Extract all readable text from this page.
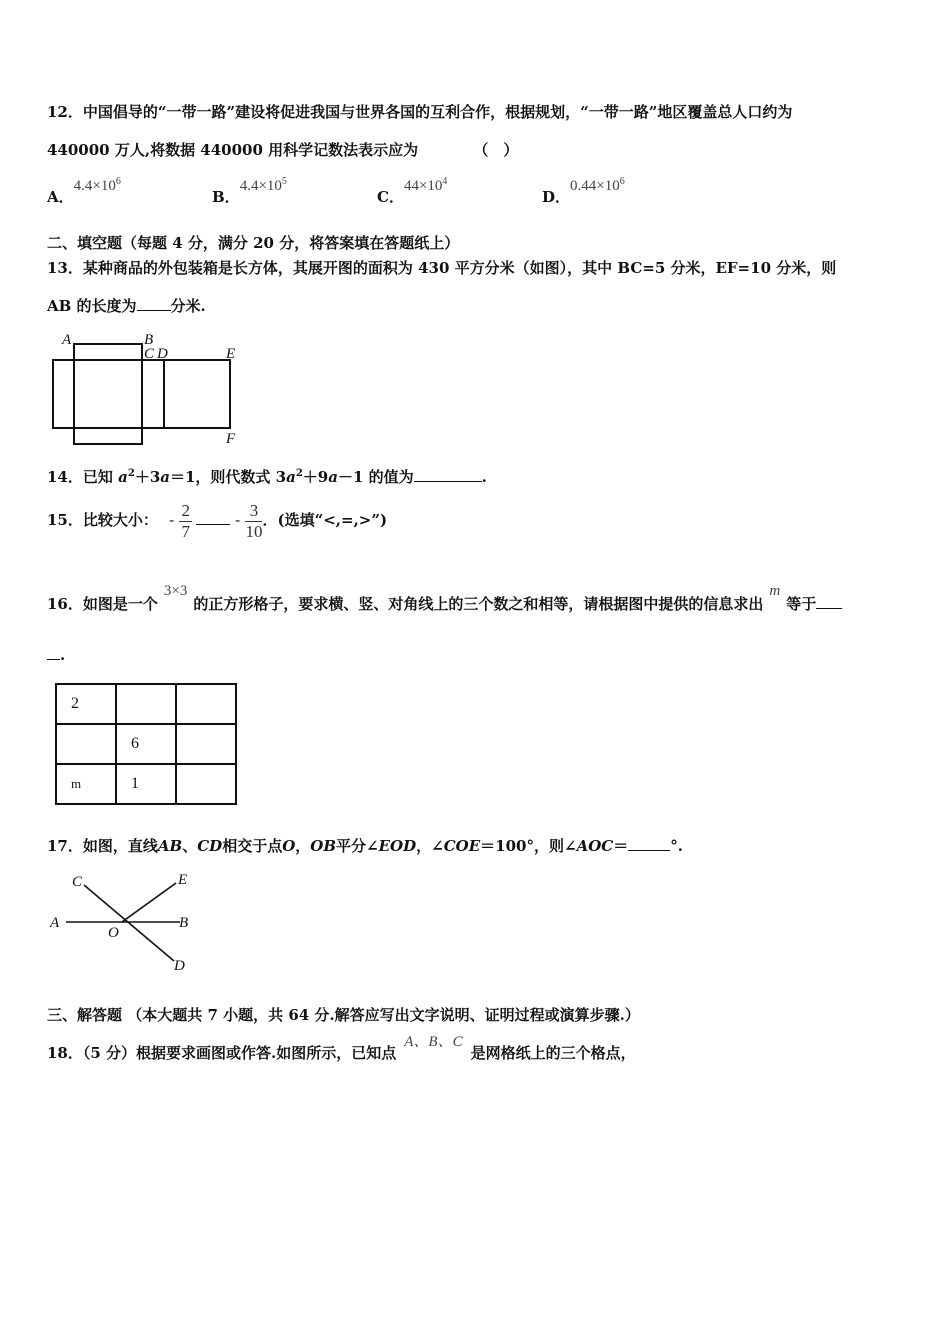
12．中国倡导的“一带一路”建设将促进我国与世界各国的互利合作，根据规划，“一带一路”地区覆盖总人口约为
440000 万人,将数据 440000 用科学记数法表示应为	（　）
A．$4.4\times 10^6$
B．$4.4\times 10^5$
C．$44\times 10^4$
D．$0.44\times 10^6$
二、填空题（每题 4 分，满分 20 分，将答案填在答题纸上）
13．某种商品的外包装箱是长方体，其展开图的面积为 430 平方分米（如图），其中 BC=5 分米，EF=10 分米，则
AB 的长度为 分米.
A	B
C D	E
F
14．已知 $a^2+3a=1$，则代数式 $3a^2+9a-1$ 的值为	.
15．比较大小： - $\frac{2}{7}$	- $\frac{3}{10}$ ．(选填“<,=,>”)
16．如图是一个3×3的正方形格子，要求横、竖、对角线上的三个数之和相等，请根据图中提供的信息求出m等于
.
2		
	6	
m	1	
17．如图，直线AB、CD相交于点O，OB平分∠EOD，∠COE＝100°，则∠AOC＝	°.
C	E
A	B
O
D
三、解答题 （本大题共 7 小题，共 64 分.解答应写出文字说明、证明过程或演算步骤.）
18．（5 分）根据要求画图或作答.如图所示，已知点A、B、C是网格纸上的三个格点，
